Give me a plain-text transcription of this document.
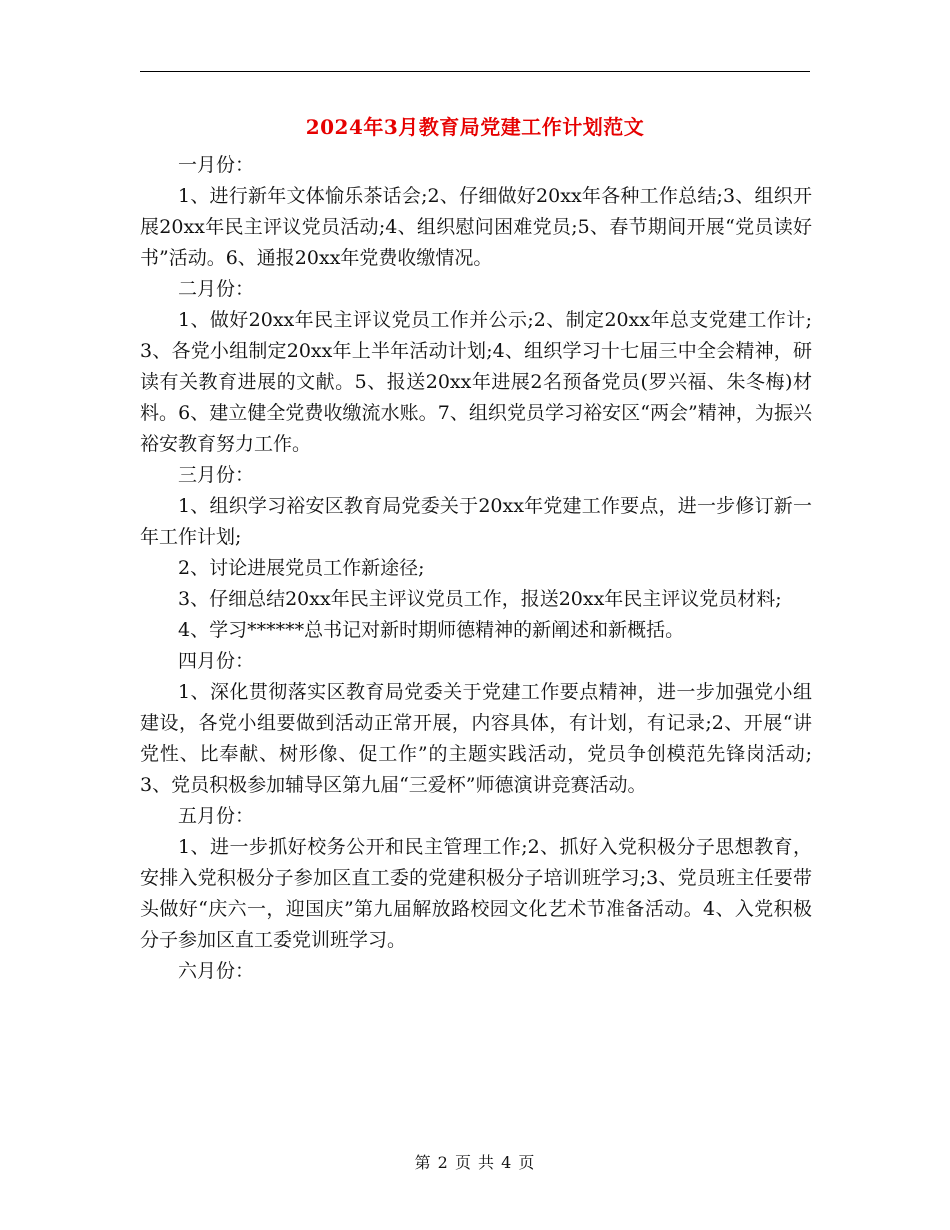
2024年3月教育局党建工作计划范文

一月份：

1、进行新年文体愉乐茶话会;2、仔细做好20xx年各种工作总结;3、组织开展20xx年民主评议党员活动;4、组织慰问困难党员;5、春节期间开展“党员读好书”活动。6、通报20xx年党费收缴情况。

二月份：

1、做好20xx年民主评议党员工作并公示;2、制定20xx年总支党建工作计;3、各党小组制定20xx年上半年活动计划;4、组织学习十七届三中全会精神，研读有关教育进展的文献。5、报送20xx年进展2名预备党员(罗兴福、朱冬梅)材料。6、建立健全党费收缴流水账。7、组织党员学习裕安区“两会”精神，为振兴裕安教育努力工作。

三月份：

1、组织学习裕安区教育局党委关于20xx年党建工作要点，进一步修订新一年工作计划;

2、讨论进展党员工作新途径;

3、仔细总结20xx年民主评议党员工作，报送20xx年民主评议党员材料;

4、学习******总书记对新时期师德精神的新阐述和新概括。

四月份：

1、深化贯彻落实区教育局党委关于党建工作要点精神，进一步加强党小组建设，各党小组要做到活动正常开展，内容具体，有计划，有记录;2、开展“讲党性、比奉献、树形像、促工作”的主题实践活动，党员争创模范先锋岗活动;3、党员积极参加辅导区第九届“三爱杯”师德演讲竞赛活动。

五月份：

1、进一步抓好校务公开和民主管理工作;2、抓好入党积极分子思想教育，安排入党积极分子参加区直工委的党建积极分子培训班学习;3、党员班主任要带头做好“庆六一，迎国庆”第九届解放路校园文化艺术节准备活动。4、入党积极分子参加区直工委党训班学习。

六月份：

第 2 页 共 4 页
